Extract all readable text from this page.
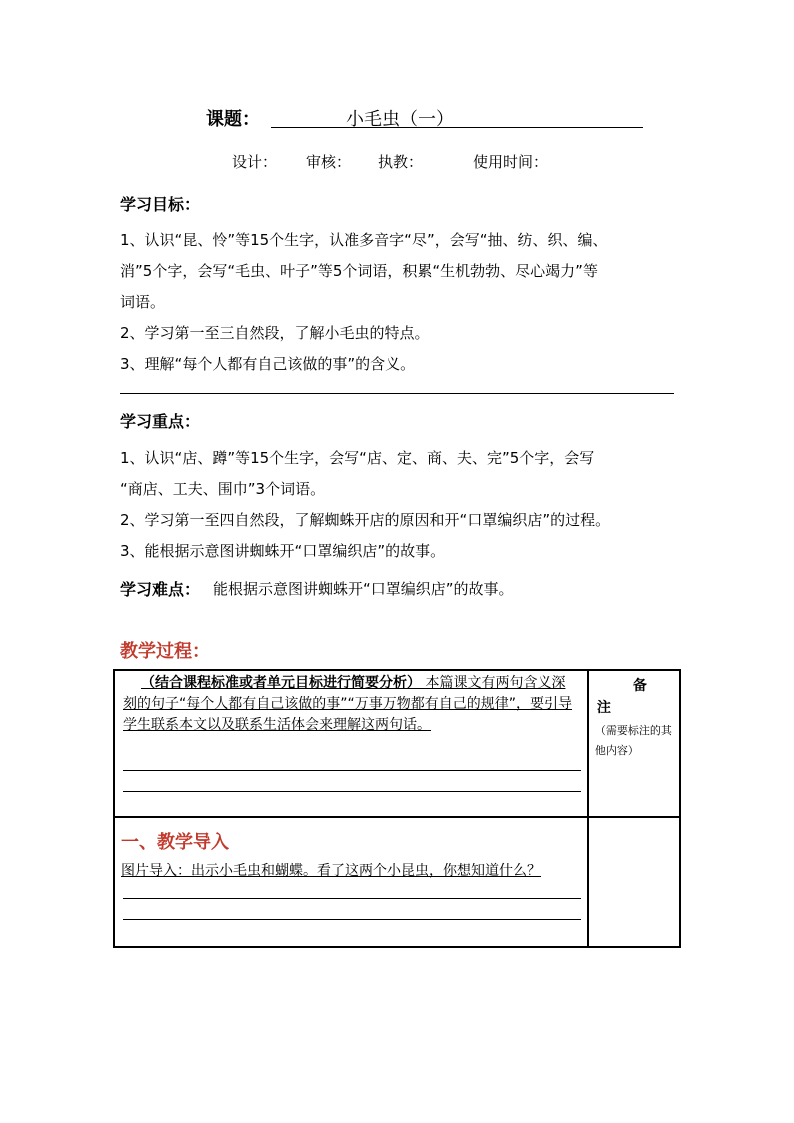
课题：	小毛虫（一）
设计： 审核： 执教：	使用时间：
学习目标：
1、认识“昆、怜”等15个生字，认准多音字“尽”，会写“抽、纺、织、编、
消”5个字，会写“毛虫、叶子”等5个词语，积累“生机勃勃、尽心竭力”等
词语。
2、学习第一至三自然段，了解小毛虫的特点。
3、理解“每个人都有自己该做的事”的含义。
学习重点：
1、认识“店、蹲”等15个生字，会写“店、定、商、夫、完”5个字，会写
“商店、工夫、围巾”3个词语。
2、学习第一至四自然段，了解蜘蛛开店的原因和开“口罩编织店”的过程。
3、能根据示意图讲蜘蛛开“口罩编织店”的故事。
学习难点： 能根据示意图讲蜘蛛开“口罩编织店”的故事。
教学过程：
（结合课程标准或者单元目标进行简要分析） 本篇课文有两句含义深刻的句子“每个人都有自己该做的事”“万事万物都有自己的规律”，要引导学生联系本文以及联系生活体会来理解这两句话。	备
注
（需要标注的其他内容）

一、教学导入
图片导入：出示小毛虫和蝴蝶。看了这两个小昆虫，你想知道什么？	
